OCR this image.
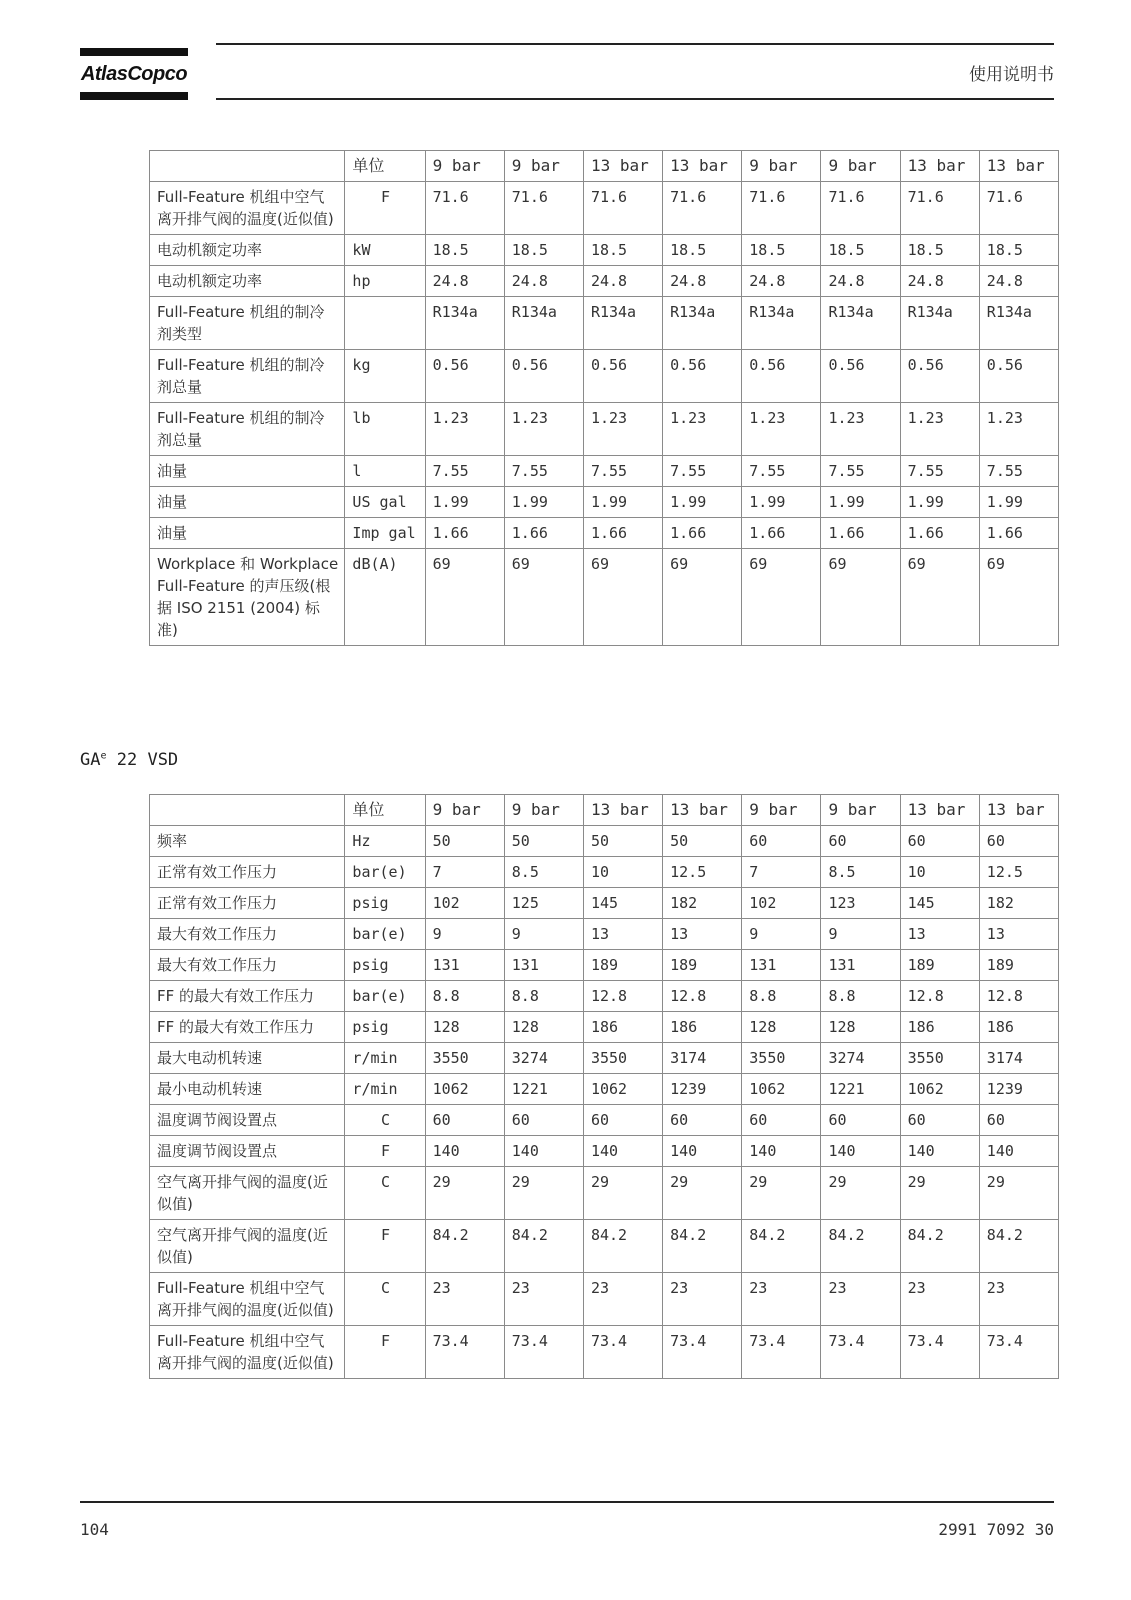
AtlasCopco	使用说明书
	单位	9 bar	9 bar	13 bar	13 bar	9 bar	9 bar	13 bar	13 bar
Full-Feature 机组中空气离开排气阀的温度(近似值)	F	71.6	71.6	71.6	71.6	71.6	71.6	71.6	71.6
电动机额定功率	kW	18.5	18.5	18.5	18.5	18.5	18.5	18.5	18.5
电动机额定功率	hp	24.8	24.8	24.8	24.8	24.8	24.8	24.8	24.8
Full-Feature 机组的制冷剂类型		R134a	R134a	R134a	R134a	R134a	R134a	R134a	R134a
Full-Feature 机组的制冷剂总量	kg	0.56	0.56	0.56	0.56	0.56	0.56	0.56	0.56
Full-Feature 机组的制冷剂总量	lb	1.23	1.23	1.23	1.23	1.23	1.23	1.23	1.23
油量	l	7.55	7.55	7.55	7.55	7.55	7.55	7.55	7.55
油量	US gal	1.99	1.99	1.99	1.99	1.99	1.99	1.99	1.99
油量	Imp gal	1.66	1.66	1.66	1.66	1.66	1.66	1.66	1.66
Workplace 和 Workplace Full-Feature 的声压级(根据 ISO 2151 (2004) 标准)	dB(A)	69	69	69	69	69	69	69	69
$GA^e$ 22 VSD
	单位	9 bar	9 bar	13 bar	13 bar	9 bar	9 bar	13 bar	13 bar
频率	Hz	50	50	50	50	60	60	60	60
正常有效工作压力	bar(e)	7	8.5	10	12.5	7	8.5	10	12.5
正常有效工作压力	psig	102	125	145	182	102	123	145	182
最大有效工作压力	bar(e)	9	9	13	13	9	9	13	13
最大有效工作压力	psig	131	131	189	189	131	131	189	189
FF 的最大有效工作压力	bar(e)	8.8	8.8	12.8	12.8	8.8	8.8	12.8	12.8
FF 的最大有效工作压力	psig	128	128	186	186	128	128	186	186
最大电动机转速	r/min	3550	3274	3550	3174	3550	3274	3550	3174
最小电动机转速	r/min	1062	1221	1062	1239	1062	1221	1062	1239
温度调节阀设置点	C	60	60	60	60	60	60	60	60
温度调节阀设置点	F	140	140	140	140	140	140	140	140
空气离开排气阀的温度(近似值)	C	29	29	29	29	29	29	29	29
空气离开排气阀的温度(近似值)	F	84.2	84.2	84.2	84.2	84.2	84.2	84.2	84.2
Full-Feature 机组中空气离开排气阀的温度(近似值)	C	23	23	23	23	23	23	23	23
Full-Feature 机组中空气离开排气阀的温度(近似值)	F	73.4	73.4	73.4	73.4	73.4	73.4	73.4	73.4
104	2991 7092 30
